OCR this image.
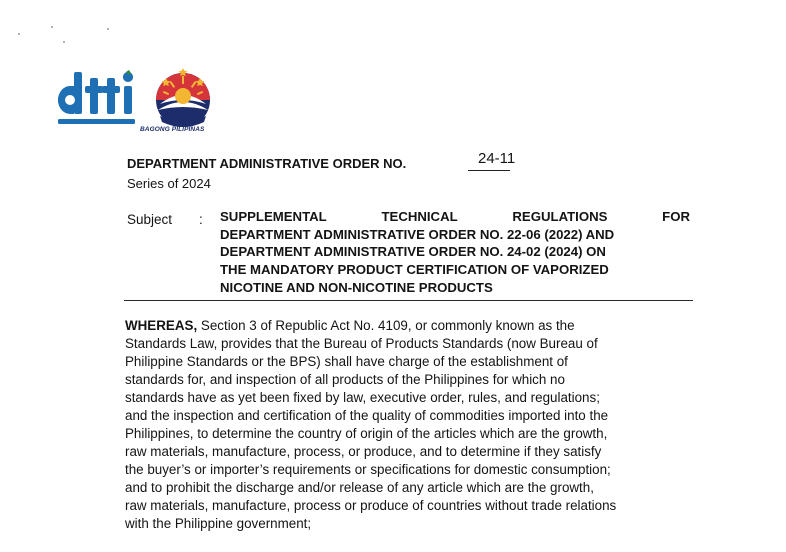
dti
BAGONG PILIPINAS
DEPARTMENT ADMINISTRATIVE ORDER NO.	24-11
Series of 2024
Subject : SUPPLEMENTAL	TECHNICAL	REGULATIONS	FOR
DEPARTMENT ADMINISTRATIVE ORDER NO. 22-06 (2022) AND
DEPARTMENT ADMINISTRATIVE ORDER NO. 24-02 (2024) ON
THE MANDATORY PRODUCT CERTIFICATION OF VAPORIZED
NICOTINE AND NON-NICOTINE PRODUCTS
WHEREAS, Section 3 of Republic Act No. 4109, or commonly known as the
Standards Law, provides that the Bureau of Products Standards (now Bureau of
Philippine Standards or the BPS) shall have charge of the establishment of
standards for, and inspection of all products of the Philippines for which no
standards have as yet been fixed by law, executive order, rules, and regulations;
and the inspection and certification of the quality of commodities imported into the
Philippines, to determine the country of origin of the articles which are the growth,
raw materials, manufacture, process, or produce, and to determine if they satisfy
the buyer’s or importer’s requirements or specifications for domestic consumption;
and to prohibit the discharge and/or release of any article which are the growth,
raw materials, manufacture, process or produce of countries without trade relations
with the Philippine government;
